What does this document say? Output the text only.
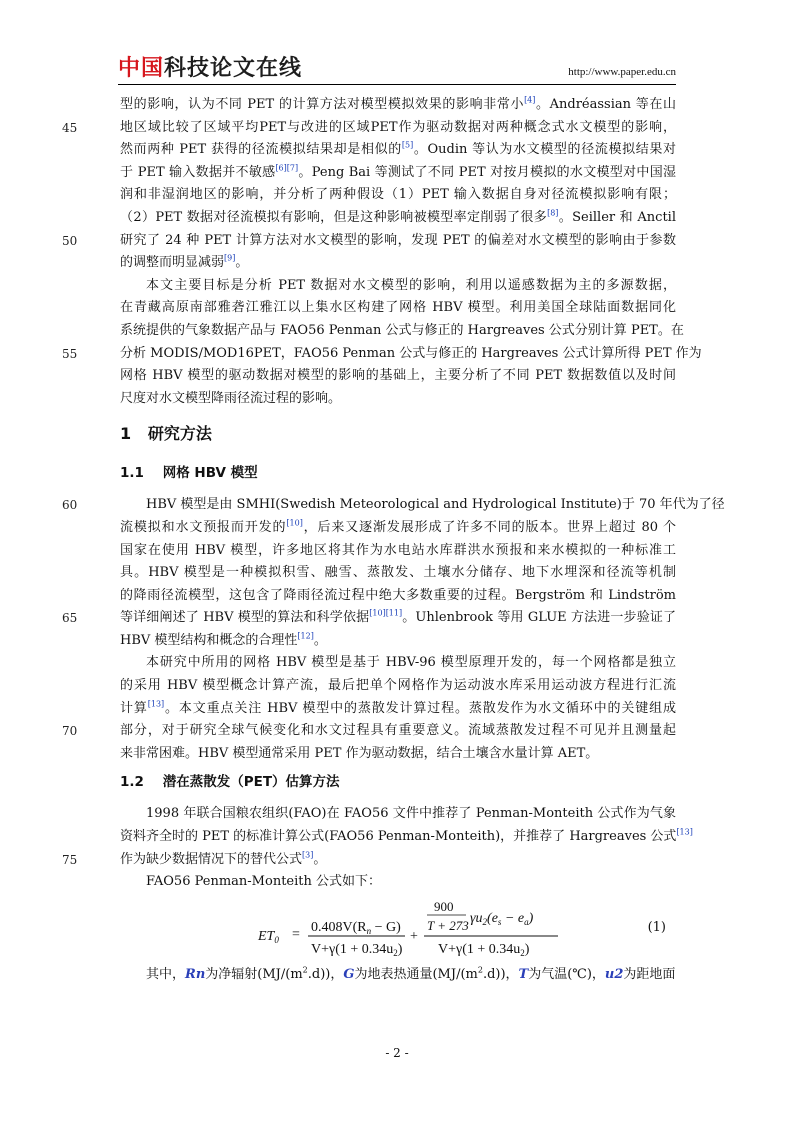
中国科技论文在线	http://www.paper.edu.cn
型的影响，认为不同 PET 的计算方法对模型模拟效果的影响非常小[4]。Andréassian 等在山
45	地区域比较了区域平均PET与改进的区域PET作为驱动数据对两种概念式水文模型的影响，
然而两种 PET 获得的径流模拟结果却是相似的[5]。Oudin 等认为水文模型的径流模拟结果对
于 PET 输入数据并不敏感[6][7]。Peng Bai 等测试了不同 PET 对按月模拟的水文模型对中国湿
润和非湿润地区的影响，并分析了两种假设（1）PET 输入数据自身对径流模拟影响有限；
（2）PET 数据对径流模拟有影响，但是这种影响被模型率定削弱了很多[8]。Seiller 和 Anctil
50	研究了 24 种 PET 计算方法对水文模型的影响，发现 PET 的偏差对水文模型的影响由于参数
的调整而明显减弱[9]。
本文主要目标是分析 PET 数据对水文模型的影响，利用以遥感数据为主的多源数据，
在青藏高原南部雅砻江雅江以上集水区构建了网格 HBV 模型。利用美国全球陆面数据同化
系统提供的气象数据产品与 FAO56 Penman 公式与修正的 Hargreaves 公式分别计算 PET。在
55	分析 MODIS/MOD16PET，FAO56 Penman 公式与修正的 Hargreaves 公式计算所得 PET 作为
网格 HBV 模型的驱动数据对模型的影响的基础上，主要分析了不同 PET 数据数值以及时间
尺度对水文模型降雨径流过程的影响。
1 研究方法
1.1 网格 HBV 模型
60	HBV 模型是由 SMHI(Swedish Meteorological and Hydrological Institute)于 70 年代为了径
流模拟和水文预报而开发的[10]，后来又逐渐发展形成了许多不同的版本。世界上超过 80 个
国家在使用 HBV 模型，许多地区将其作为水电站水库群洪水预报和来水模拟的一种标准工
具。HBV 模型是一种模拟积雪、融雪、蒸散发、土壤水分储存、地下水埋深和径流等机制
的降雨径流模型，这包含了降雨径流过程中绝大多数重要的过程。Bergström 和 Lindström
65	等详细阐述了 HBV 模型的算法和科学依据[10][11]。Uhlenbrook 等用 GLUE 方法进一步验证了
HBV 模型结构和概念的合理性[12]。
本研究中所用的网格 HBV 模型是基于 HBV-96 模型原理开发的，每一个网格都是独立
的采用 HBV 模型概念计算产流，最后把单个网格作为运动波水库采用运动波方程进行汇流
计算[13]。本文重点关注 HBV 模型中的蒸散发计算过程。蒸散发作为水文循环中的关键组成
70	部分，对于研究全球气候变化和水文过程具有重要意义。流域蒸散发过程不可见并且测量起
来非常困难。HBV 模型通常采用 PET 作为驱动数据，结合土壤含水量计算 AET。
1.2 潜在蒸散发（PET）估算方法
1998 年联合国粮农组织(FAO)在 FAO56 文件中推荐了 Penman-Monteith 公式作为气象
资料齐全时的 PET 的标准计算公式(FAO56 Penman-Monteith)，并推荐了 Hargreaves 公式[13]
75	作为缺少数据情况下的替代公式[3]。
FAO56 Penman-Monteith 公式如下：
$ET_0 = 0.408V(R_n - G)$
$V+\gamma(1 + 0.34u_2)$
+
900
T + 273 $\gamma u_2(e_s - e_a)$
$V+\gamma(1 + 0.34u_2)$
(1)
其中，Rn为净辐射$(MJ/(m^2.d))$，G为地表热通量$(MJ/(m^2.d))$，T为气温(℃)，u2为距地面
- 2 -
